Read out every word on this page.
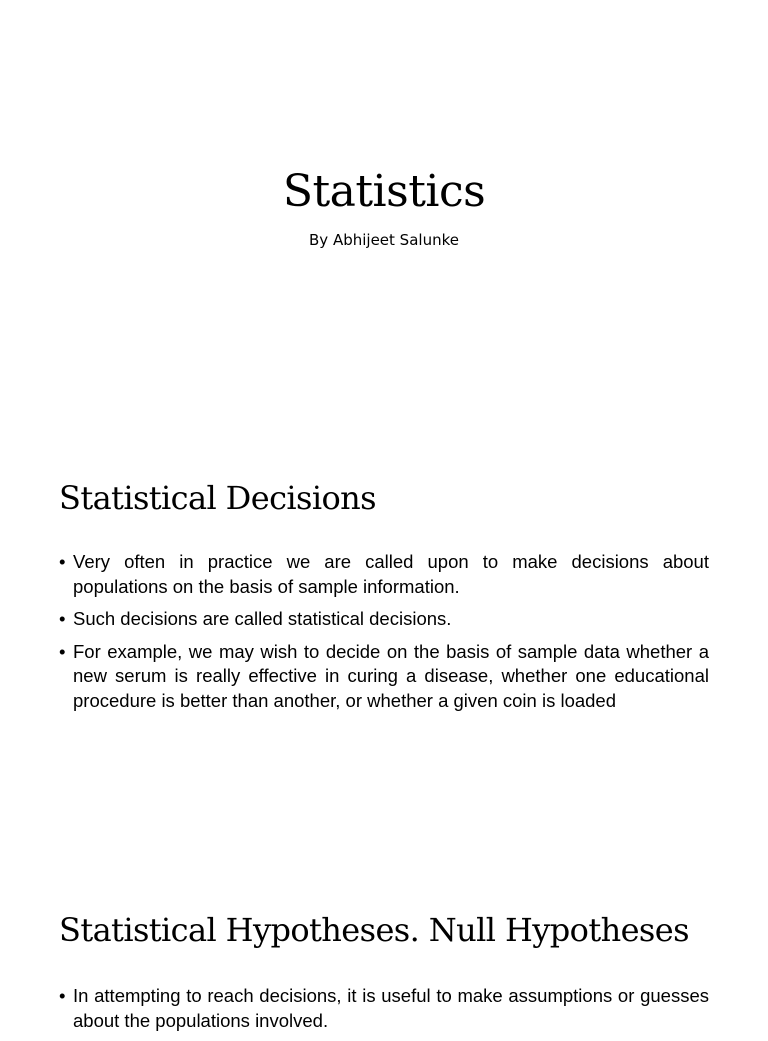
Statistics
By Abhijeet Salunke
Statistical Decisions
• Very often in practice we are called upon to make decisions about populations on the basis of sample information.
• Such decisions are called statistical decisions.
• For example, we may wish to decide on the basis of sample data whether a new serum is really effective in curing a disease, whether one educational procedure is better than another, or whether a given coin is loaded
Statistical Hypotheses. Null Hypotheses
• In attempting to reach decisions, it is useful to make assumptions or guesses about the populations involved.
